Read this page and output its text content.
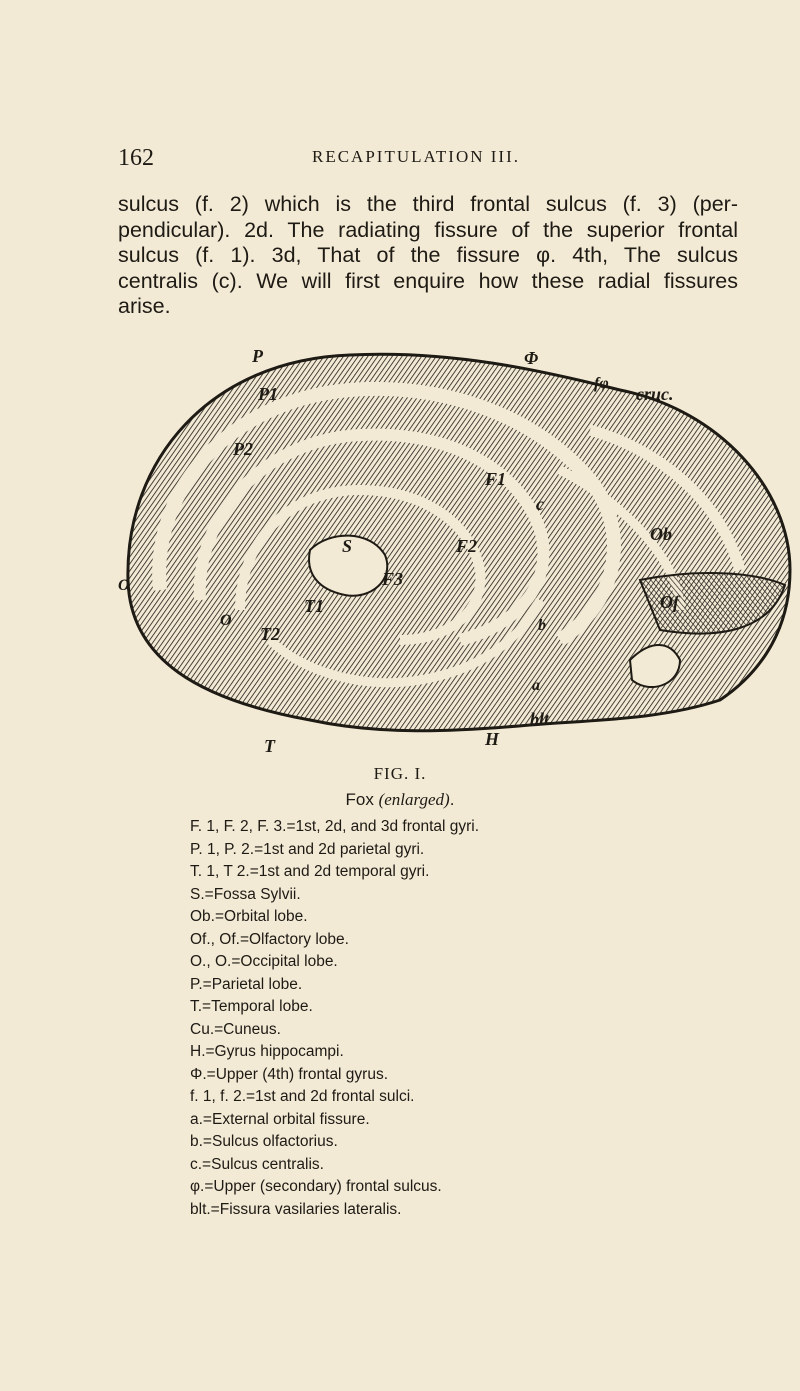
162	RECAPITULATION III.

sulcus (f. 2) which is the third frontal sulcus (f. 3) (per-

pendicular). 2d. The radiating fissure of the superior frontal

sulcus (f. 1). 3d, That of the fissure φ. 4th, The sulcus

centralis (c). We will first enquire how these radial fissures

arise.

P	Φ
fφ
cruc.
P1
P2
F1
c
Ob
O
S	F2
F3
T1
T2
O
Of
b
a
T	H
blt.
FIG. I.
Fox (enlarged).
F. 1, F. 2, F. 3.=1st, 2d, and 3d frontal gyri.
P. 1, P. 2.=1st and 2d parietal gyri.
T. 1, T 2.=1st and 2d temporal gyri.
S.=Fossa Sylvii.
Ob.=Orbital lobe.
Of., Of.=Olfactory lobe.
O., O.=Occipital lobe.
P.=Parietal lobe.
T.=Temporal lobe.
Cu.=Cuneus.
H.=Gyrus hippocampi.
Φ.=Upper (4th) frontal gyrus.
f. 1, f. 2.=1st and 2d frontal sulci.
a.=External orbital fissure.
b.=Sulcus olfactorius.
c.=Sulcus centralis.
φ.=Upper (secondary) frontal sulcus.
blt.=Fissura vasilaries lateralis.
